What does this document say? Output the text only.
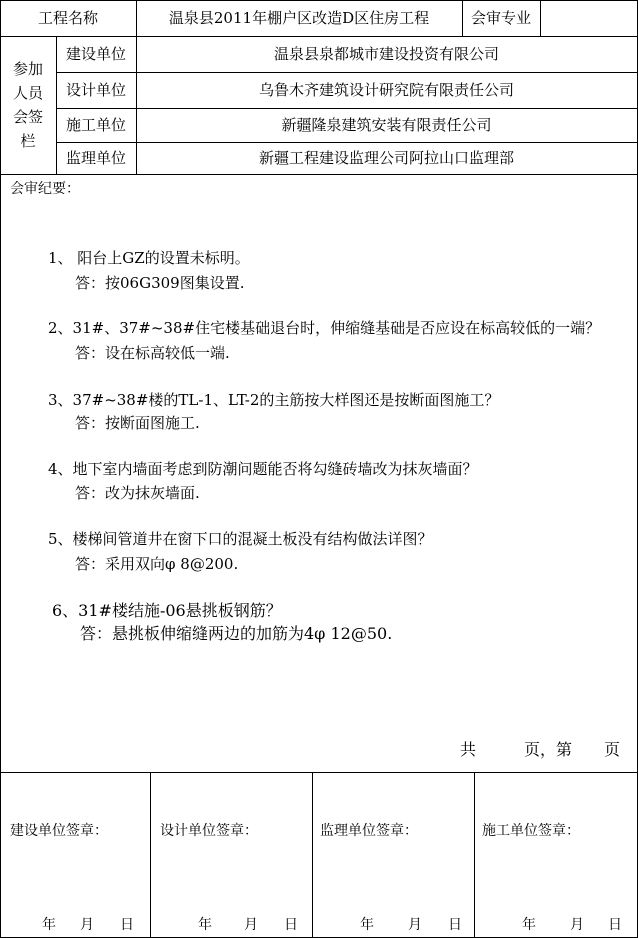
工程名称	温泉县2011年棚户区改造D区住房工程	会审专业
参加人员会签栏
建设单位	温泉县泉都城市建设投资有限公司
设计单位	乌鲁木齐建筑设计研究院有限责任公司
施工单位	新疆隆泉建筑安装有限责任公司
监理单位	新疆工程建设监理公司阿拉山口监理部
会审纪要：
1、 阳台上GZ的设置未标明。
答：按06G309图集设置.
2、31#、37#~38#住宅楼基础退台时，伸缩缝基础是否应设在标高较低的一端？
答：设在标高较低一端.
3、37#~38#楼的TL-1、LT-2的主筋按大样图还是按断面图施工？
答：按断面图施工.
4、地下室内墙面考虑到防潮问题能否将勾缝砖墙改为抹灰墙面？
答：改为抹灰墙面.
5、楼梯间管道井在窗下口的混凝土板没有结构做法详图？
答：采用双向φ 8@200.
6、31#楼结施-06悬挑板钢筋？
答：悬挑板伸缩缝两边的加筋为4φ 12@50.
共	页，第 页
建设单位签章：
年 月 日
设计单位签章：
年 月 日
监理单位签章：
年 月 日
施工单位签章：
年 月 日
